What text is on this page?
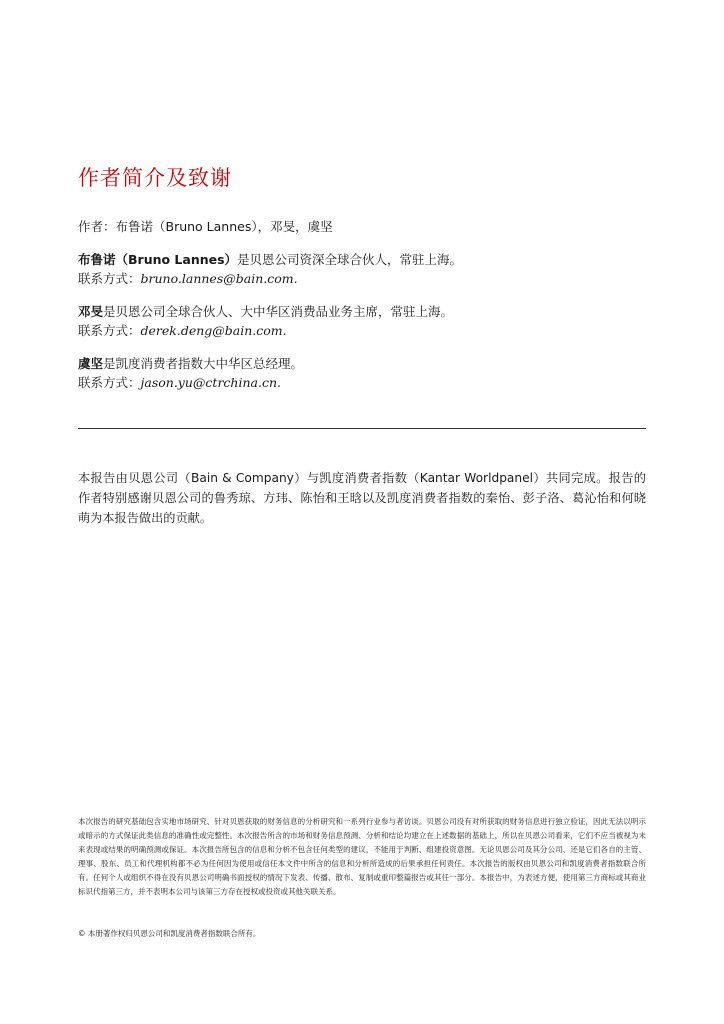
作者简介及致谢
作者：布鲁诺（Bruno Lannes），邓旻，虞坚
布鲁诺（Bruno Lannes）是贝恩公司资深全球合伙人，常驻上海。
联系方式：bruno.lannes@bain.com.
邓旻是贝恩公司全球合伙人、大中华区消费品业务主席，常驻上海。
联系方式：derek.deng@bain.com.
虞坚是凯度消费者指数大中华区总经理。
联系方式：jason.yu@ctrchina.cn.
本报告由贝恩公司（Bain & Company）与凯度消费者指数（Kantar Worldpanel）共同完成。报告的作者特别感谢贝恩公司的鲁秀琼、方玮、陈怡和王晗以及凯度消费者指数的秦怡、彭子洛、葛沁怡和何晓萌为本报告做出的贡献。
本次报告的研究基础包含实地市场研究、针对贝恩获取的财务信息的分析研究和一系列行业参与者访谈。贝恩公司没有对所获取的财务信息进行独立验证，因此无法以明示或暗示的方式保证此类信息的准确性或完整性。本次报告所含的市场和财务信息预测、分析和结论均建立在上述数据的基础上，所以在贝恩公司看来，它们不应当被视为未来表现或结果的明确预测或保证。本次报告所包含的信息和分析不包含任何类型的建议，不能用于判断、组建投资意图。无论贝恩公司及其分公司、还是它们各自的主管、理事、股东、员工和代理机构都不必为任何因为使用或信任本文件中所含的信息和分析所造成的后果承担任何责任。本次报告的版权由贝恩公司和凯度消费者指数联合所有。任何个人或组织不得在没有贝恩公司明确书面授权的情况下发表、传播、散布、复制或重印整篇报告或其任一部分。本报告中，为表述方便，使用第三方商标或其商业标识代指第三方，并不表明本公司与该第三方存在授权或投资或其他关联关系。
© 本册著作权归贝恩公司和凯度消费者指数联合所有。
